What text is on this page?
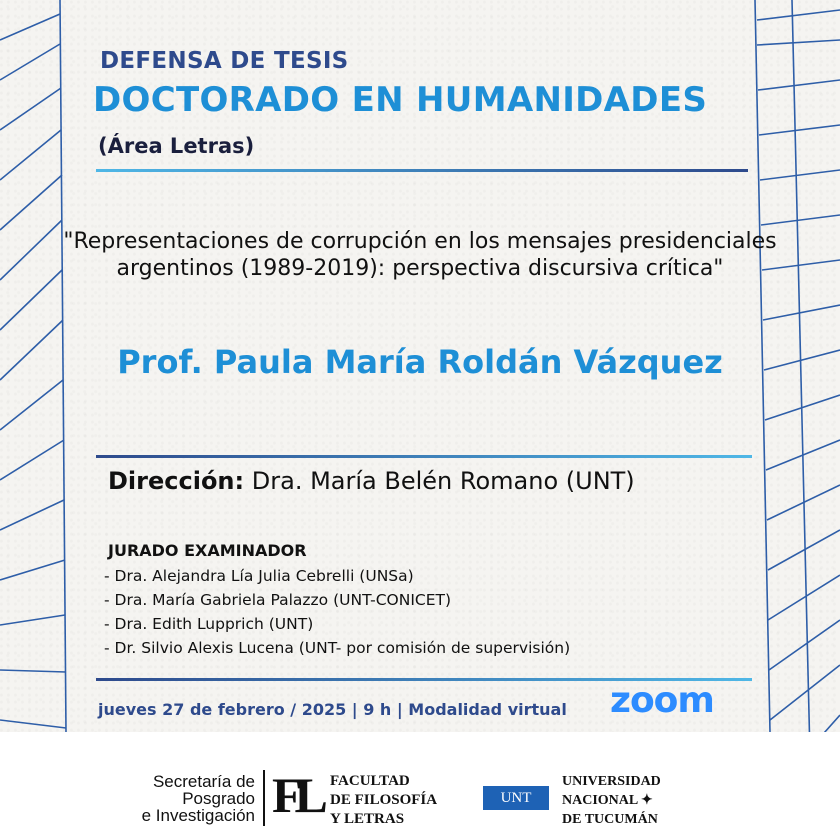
DEFENSA DE TESIS
DOCTORADO EN HUMANIDADES
(Área Letras)
"Representaciones de corrupción en los mensajes presidenciales argentinos (1989-2019): perspectiva discursiva crítica"
Prof. Paula María Roldán Vázquez
Dirección: Dra. María Belén Romano (UNT)
JURADO EXAMINADOR
- Dra. Alejandra Lía Julia Cebrelli (UNSa)
- Dra. María Gabriela Palazzo (UNT-CONICET)
- Dra. Edith Lupprich (UNT)
- Dr. Silvio Alexis Lucena (UNT- por comisión de supervisión)
jueves 27 de febrero / 2025 | 9 h | Modalidad virtual zoom
Secretaría de
Posgrado
e Investigación FL FACULTAD
DE FILOSOFÍA
Y LETRAS
UNT
UNIVERSIDAD
NACIONAL ✦
DE TUCUMÁN
